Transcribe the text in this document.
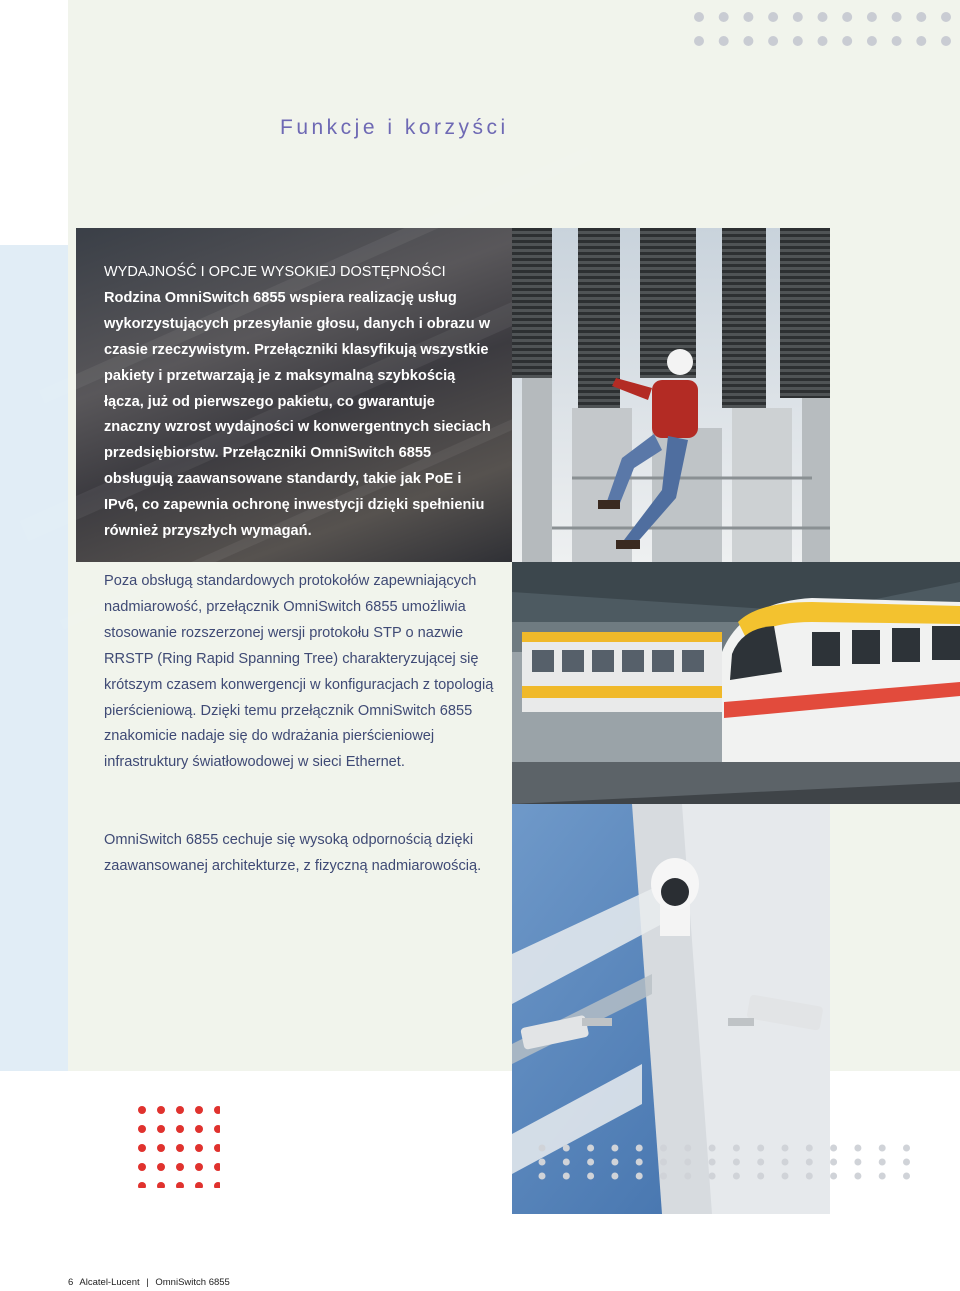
Funkcje i korzyści
WYDAJNOŚĆ I OPCJE WYSOKIEJ DOSTĘPNOŚCI
Rodzina OmniSwitch 6855 wspiera realizację usług wykorzystujących przesyłanie głosu, danych i obrazu w czasie rzeczywistym. Przełączniki klasyfikują wszystkie pakiety i przetwarzają je z maksymalną szybkością łącza, już od pierwszego pakietu, co gwarantuje znaczny wzrost wydajności w konwergentnych sieciach przedsiębiorstw. Przełączniki OmniSwitch 6855 obsługują zaawansowane standardy, takie jak PoE i IPv6, co zapewnia ochronę inwestycji dzięki spełnieniu również przyszłych wymagań.
Poza obsługą standardowych protokołów zapewniających nadmiarowość, przełącznik OmniSwitch 6855 umożliwia stosowanie rozszerzonej wersji protokołu STP o nazwie RRSTP (Ring Rapid Spanning Tree) charakteryzującej się krótszym czasem konwergencji w konfiguracjach z topologią pierścieniową. Dzięki temu przełącznik OmniSwitch 6855 znakomicie nadaje się do wdrażania pierścieniowej infrastruktury światłowodowej w sieci Ethernet.
OmniSwitch 6855 cechuje się wysoką odpornością dzięki zaawansowanej architekturze, z fizyczną nadmiarowością.
6 Alcatel-Lucent | OmniSwitch 6855
